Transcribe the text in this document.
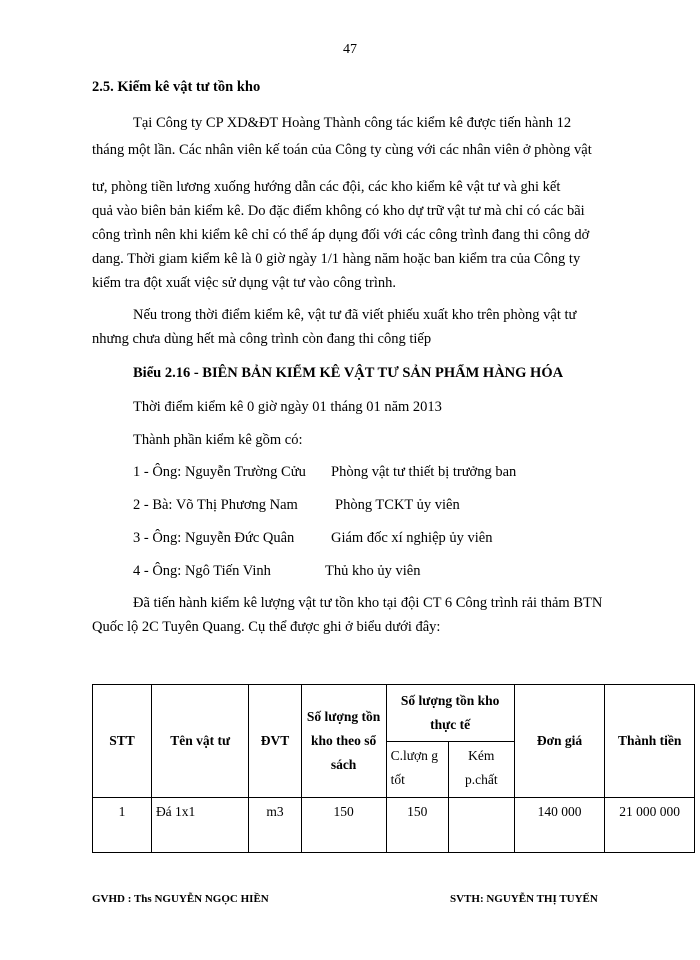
47
2.5. Kiểm kê vật tư tồn kho
Tại Công ty CP XD&ĐT Hoàng Thành công tác kiểm kê được tiến hành 12
tháng một lần. Các nhân viên kế toán của Công ty cùng với các nhân viên ở phòng vật
tư, phòng tiền lương xuống hướng dẫn các đội, các kho kiểm kê vật tư và ghi kết
quả vào biên bản kiểm kê. Do đặc điểm không có kho dự trữ vật tư mà chỉ có các bãi
công trình nên khi kiểm kê chỉ có thể áp dụng đối với các công trình đang thi công dở
dang. Thời giam kiểm kê là 0 giờ ngày 1/1 hàng năm hoặc ban kiểm tra của Công ty
kiểm tra đột xuất việc sử dụng vật tư vào công trình.
Nếu trong thời điểm kiểm kê, vật tư đã viết phiếu xuất kho trên phòng vật tư
nhưng chưa dùng hết mà công trình còn đang thi công tiếp
Biểu 2.16 - BIÊN BẢN KIỂM KÊ VẬT TƯ SẢN PHẨM HÀNG HÓA
Thời điểm kiểm kê 0 giờ ngày 01 tháng 01 năm 2013
Thành phần kiểm kê gồm có:
1 - Ông: Nguyễn Trường Cửu Phòng vật tư thiết bị trưởng ban
2 - Bà: Võ Thị Phương Nam	Phòng TCKT ủy viên
3 - Ông: Nguyễn Đức Quân	Giám đốc xí nghiệp ủy viên
4 - Ông: Ngô Tiến Vinh	Thủ kho ủy viên
Đã tiến hành kiểm kê lượng vật tư tồn kho tại đội CT 6 Công trình rải thảm BTN
Quốc lộ 2C Tuyên Quang. Cụ thể được ghi ở biểu dưới đây:
STT	Tên vật tư	ĐVT	Số lượng tồn kho theo sổ sách	Số lượng tồn kho thực tế		Đơn giá	Thành tiền
				C.lượn g tốt	Kém p.chất		
1	Đá 1x1	m3	150	150		140 000	21 000 000
GVHD : Ths NGUYỄN NGỌC HIỀN	SVTH: NGUYỄN THỊ TUYẾN
